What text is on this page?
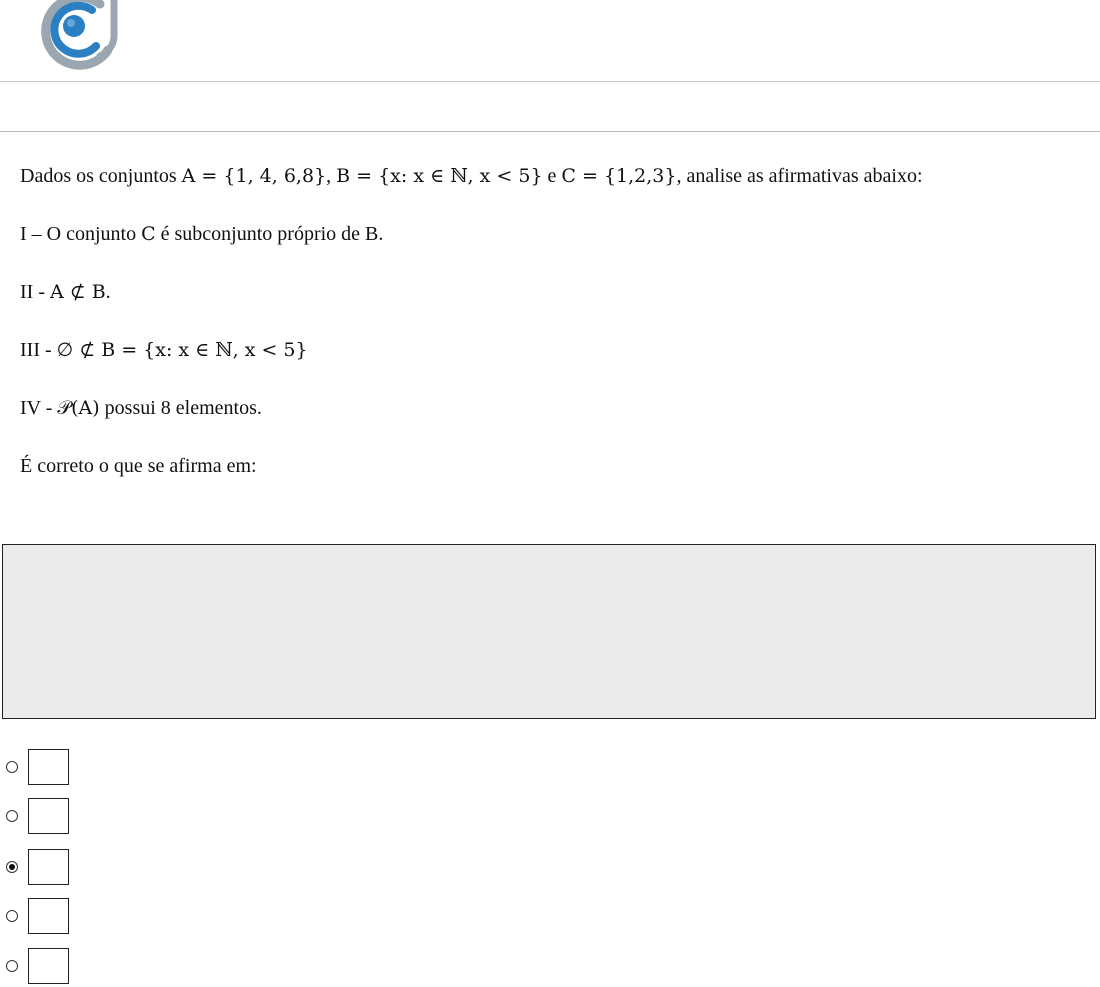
Dados os conjuntos A = {1, 4, 6,8}, B = {x: x ∈ ℕ, x < 5} e C = {1,2,3}, analise as afirmativas abaixo:

I – O conjunto C é subconjunto próprio de B.

II - A ⊄ B.

III - ∅ ⊄ B = {x: x ∈ ℕ, x < 5}

IV - 𝒫(A) possui 8 elementos.

É correto o que se afirma em:
